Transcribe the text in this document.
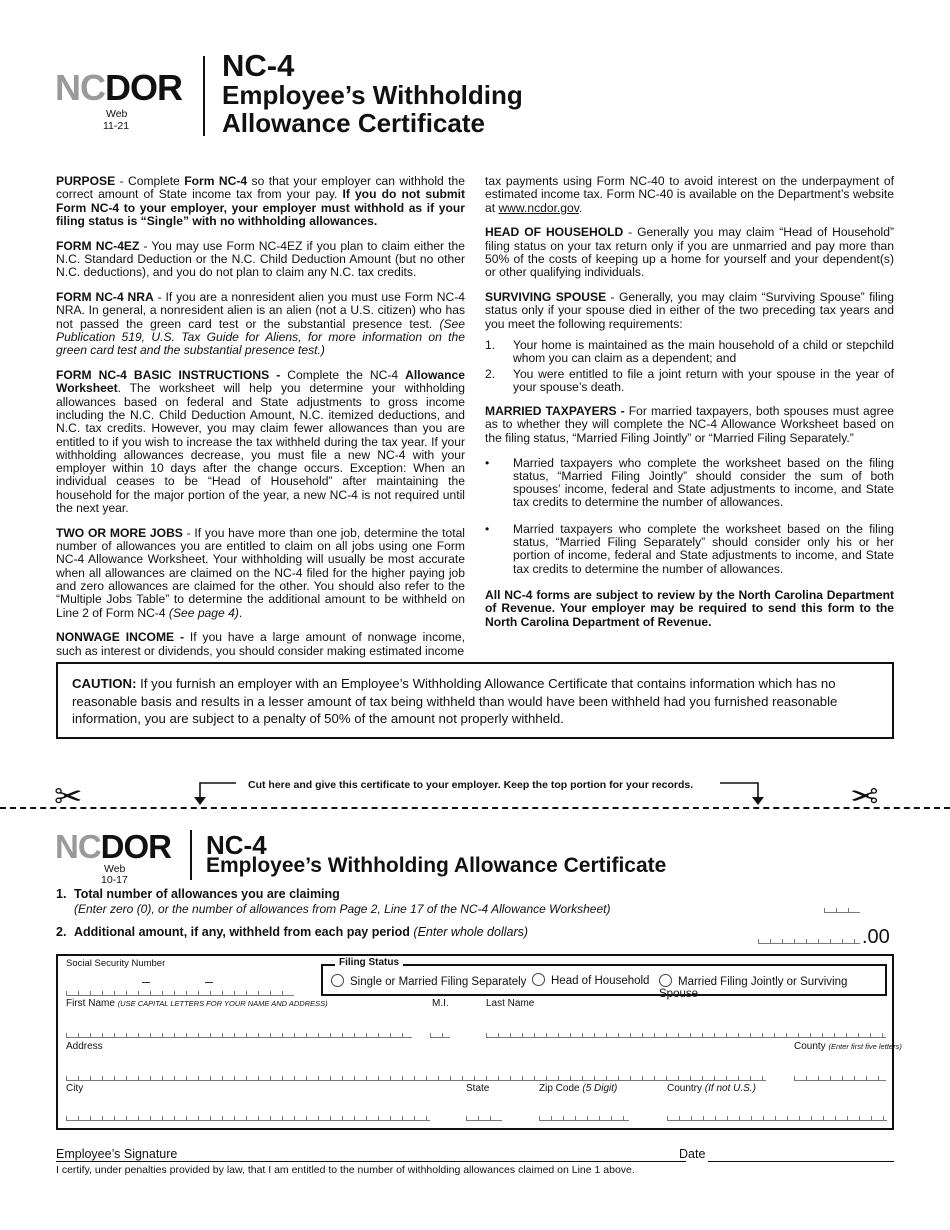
NCDOR
Web
11-21
NC-4
Employee’s Withholding
Allowance Certificate

PURPOSE - Complete Form NC-4 so that your employer can withhold the correct amount of State income tax from your pay. If you do not submit Form NC-4 to your employer, your employer must withhold as if your filing status is “Single” with no withholding allowances.

FORM NC-4EZ - You may use Form NC-4EZ if you plan to claim either the N.C. Standard Deduction or the N.C. Child Deduction Amount (but no other N.C. deductions), and you do not plan to claim any N.C. tax credits.

FORM NC-4 NRA - If you are a nonresident alien you must use Form NC-4 NRA. In general, a nonresident alien is an alien (not a U.S. citizen) who has not passed the green card test or the substantial presence test. (See Publication 519, U.S. Tax Guide for Aliens, for more information on the green card test and the substantial presence test.)

FORM NC-4 BASIC INSTRUCTIONS - Complete the NC-4 Allowance Worksheet. The worksheet will help you determine your withholding allowances based on federal and State adjustments to gross income including the N.C. Child Deduction Amount, N.C. itemized deductions, and N.C. tax credits. However, you may claim fewer allowances than you are entitled to if you wish to increase the tax withheld during the tax year. If your withholding allowances decrease, you must file a new NC-4 with your employer within 10 days after the change occurs. Exception: When an individual ceases to be “Head of Household” after maintaining the household for the major portion of the year, a new NC-4 is not required until the next year.

TWO OR MORE JOBS - If you have more than one job, determine the total number of allowances you are entitled to claim on all jobs using one Form NC-4 Allowance Worksheet. Your withholding will usually be most accurate when all allowances are claimed on the NC-4 filed for the higher paying job and zero allowances are claimed for the other. You should also refer to the “Multiple Jobs Table” to determine the additional amount to be withheld on Line 2 of Form NC-4 (See page 4).

NONWAGE INCOME - If you have a large amount of nonwage income, such as interest or dividends, you should consider making estimated income

tax payments using Form NC-40 to avoid interest on the underpayment of estimated income tax. Form NC-40 is available on the Department’s website at www.ncdor.gov.

HEAD OF HOUSEHOLD - Generally you may claim “Head of Household” filing status on your tax return only if you are unmarried and pay more than 50% of the costs of keeping up a home for yourself and your dependent(s) or other qualifying individuals.

SURVIVING SPOUSE - Generally, you may claim “Surviving Spouse” filing status only if your spouse died in either of the two preceding tax years and you meet the following requirements:

1.	Your home is maintained as the main household of a child or stepchild whom you can claim as a dependent; and
2.	You were entitled to file a joint return with your spouse in the year of your spouse’s death.

MARRIED TAXPAYERS - For married taxpayers, both spouses must agree as to whether they will complete the NC-4 Allowance Worksheet based on the filing status, “Married Filing Jointly” or “Married Filing Separately.”

•	Married taxpayers who complete the worksheet based on the filing status, “Married Filing Jointly” should consider the sum of both spouses’ income, federal and State adjustments to income, and State tax credits to determine the number of allowances.
•	Married taxpayers who complete the worksheet based on the filing status, “Married Filing Separately” should consider only his or her portion of income, federal and State adjustments to income, and State tax credits to determine the number of allowances.

All NC-4 forms are subject to review by the North Carolina Department of Revenue. Your employer may be required to send this form to the North Carolina Department of Revenue.

CAUTION: If you furnish an employer with an Employee’s Withholding Allowance Certificate that contains information which has no reasonable basis and results in a lesser amount of tax being withheld than would have been withheld had you furnished reasonable information, you are subject to a penalty of 50% of the amount not properly withheld.
✂	✂
Cut here and give this certificate to your employer. Keep the top portion for your records.
NCDOR
Web
10-17
NC-4
Employee’s Withholding Allowance Certificate
1. Total number of allowances you are claiming
(Enter zero (0), or the number of allowances from Page 2, Line 17 of the NC-4 Allowance Worksheet)
2. Additional amount, if any, withheld from each pay period (Enter whole dollars)	.00
Social Security Number	Filing Status
Single or Married Filing Separately	Head of Household	Married Filing Jointly or Surviving Spouse
First Name (USE CAPITAL LETTERS FOR YOUR NAME AND ADDRESS)	M.I.	Last Name
Address	County (Enter first five letters)
City	State	Zip Code (5 Digit)	Country (If not U.S.)
Employee’s Signature	Date
I certify, under penalties provided by law, that I am entitled to the number of withholding allowances claimed on Line 1 above.
